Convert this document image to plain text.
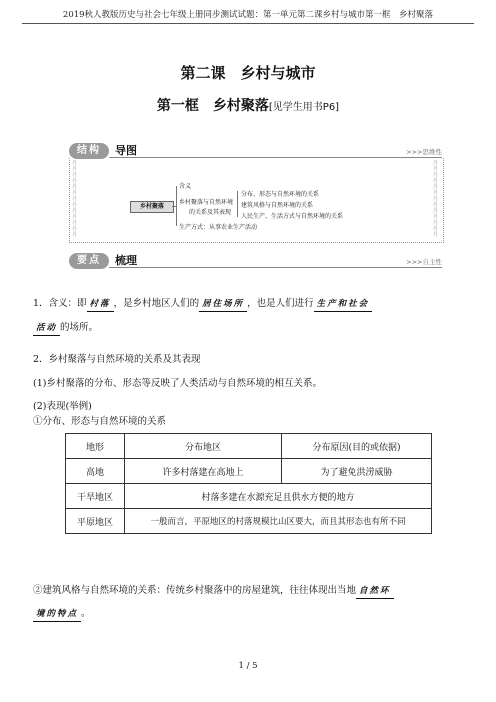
2019秋人教版历史与社会七年级上册同步测试试题：第一单元第二课乡村与城市第一框　乡村聚落
第二课　乡村与城市
第一框　乡村聚落[见学生用书P6]
结构	导图	>>>思维性
丹
丹
丹
丹
丹
丹
丹
丹
丹
丹
丹
丹
丹
丹
丹
丹
丹
丹
丹
丹
丹
丹
丹
丹
丹
丹
乡村聚落
含义
乡村聚落与自然环境
的关系及其表现
分布、形态与自然环境的关系
建筑风格与自然环境的关系
人民生产、生活方式与自然环境的关系
生产方式：从事农业生产活动
要点	梳理	>>>自主性
1．含义：即 村落 ，是乡村地区人们的 居住场所 ，也是人们进行 生产和社会
活动 的场所。
2．乡村聚落与自然环境的关系及其表现
(1)乡村聚落的分布、形态等反映了人类活动与自然环境的相互关系。
(2)表现(举例)
①分布、形态与自然环境的关系
地形	分布地区	分布原因(目的或依据)
高地	许多村落建在高地上	为了避免洪涝威胁
干旱地区	村落多建在水源充足且供水方便的地方	
平原地区	一般而言，平原地区的村落规模比山区要大，而且其形态也有所不同	
②建筑风格与自然环境的关系：传统乡村聚落中的房屋建筑，往往体现出当地 自然环
境的特点 。
1 / 5
